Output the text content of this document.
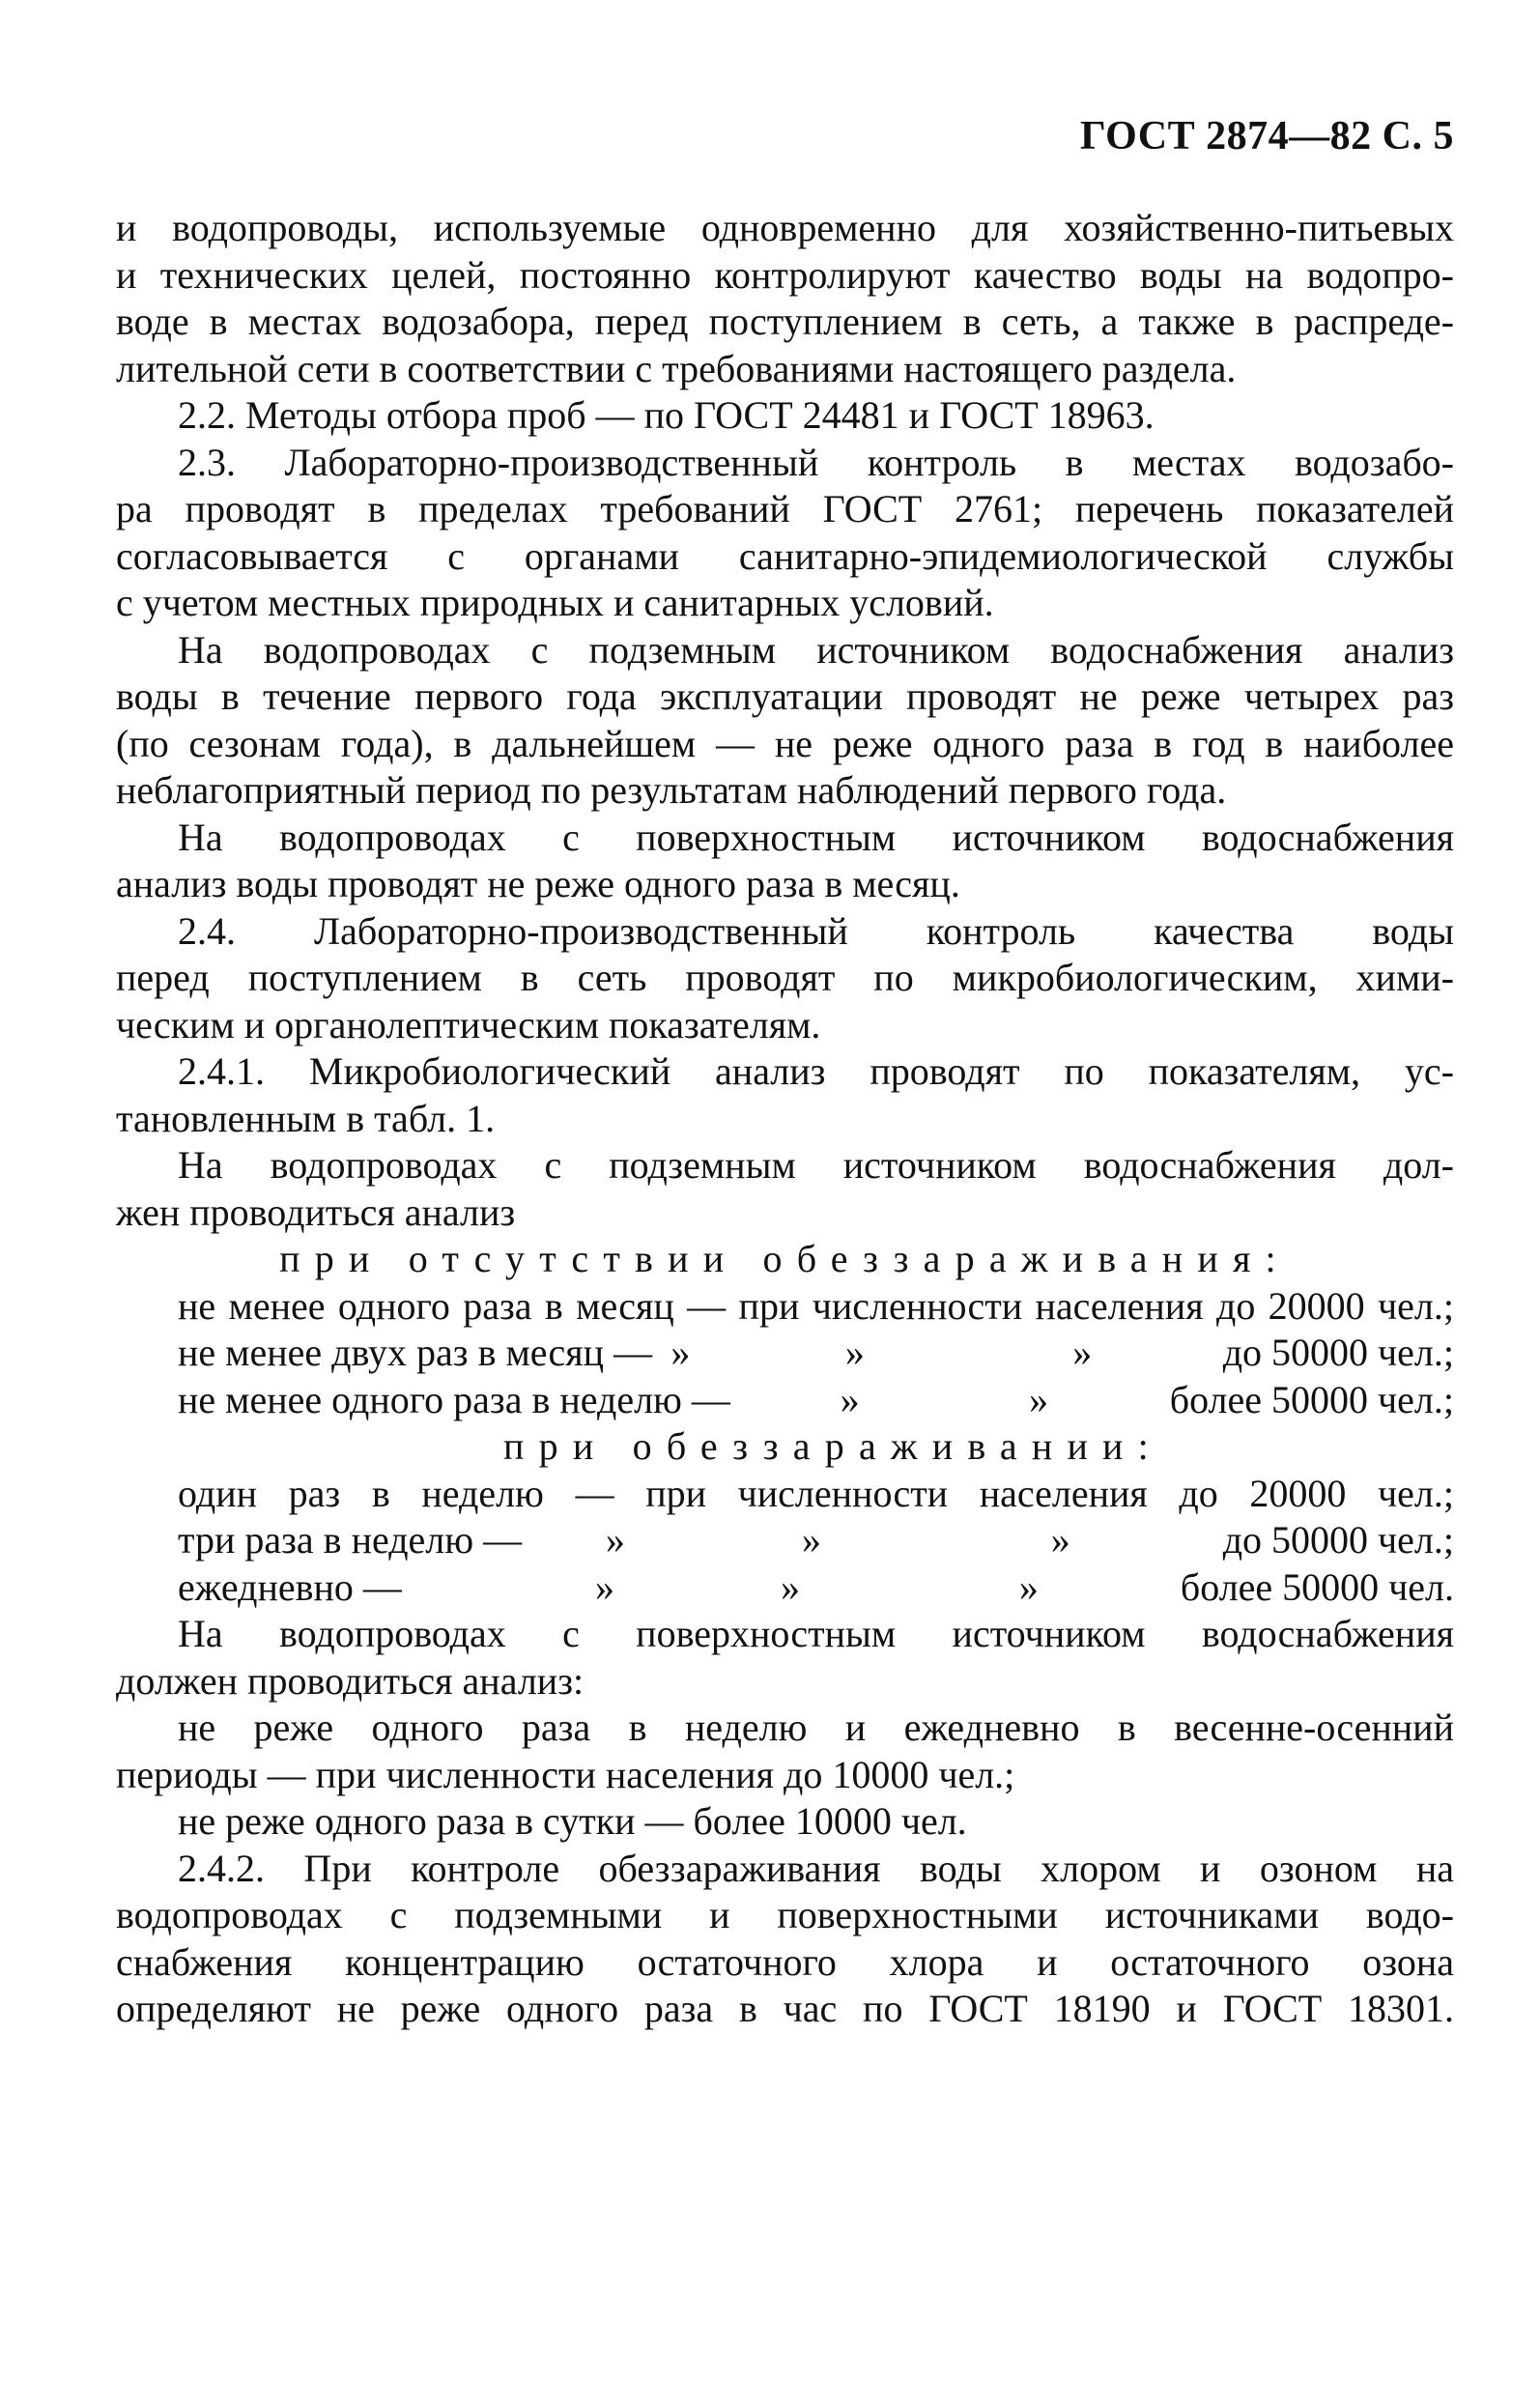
ГОСТ 2874—82 С. 5
и водопроводы, используемые одновременно для хозяйственно-питьевых
и технических целей, постоянно контролируют качество воды на водопро-
воде в местах водозабора, перед поступлением в сеть, а также в распреде-
лительной сети в соответствии с требованиями настоящего раздела.
2.2. Методы отбора проб — по ГОСТ 24481 и ГОСТ 18963.
2.3. Лабораторно-производственный контроль в местах водозабо-
ра проводят в пределах требований ГОСТ 2761; перечень показателей
согласовывается с органами санитарно-эпидемиологической службы
с учетом местных природных и санитарных условий.
На водопроводах с подземным источником водоснабжения анализ
воды в течение первого года эксплуатации проводят не реже четырех раз
(по сезонам года), в дальнейшем — не реже одного раза в год в наиболее
неблагоприятный период по результатам наблюдений первого года.
На водопроводах с поверхностным источником водоснабжения
анализ воды проводят не реже одного раза в месяц.
2.4. Лабораторно-производственный контроль качества воды
перед поступлением в сеть проводят по микробиологическим, хими-
ческим и органолептическим показателям.
2.4.1. Микробиологический анализ проводят по показателям, ус-
тановленным в табл. 1.
На водопроводах с подземным источником водоснабжения дол-
жен проводиться анализ
при отсутствии обеззараживания:
не менее одного раза в месяц — при численности населения до 20000 чел.;
не менее двух раз в месяц — »	»	»	до 50000 чел.;
не менее одного раза в неделю —	»	»	более 50000 чел.;
при обеззараживании:
один раз в неделю — при численности населения до 20000 чел.;
три раза в неделю —	»	»	»	до 50000 чел.;
ежедневно —	»	»	»	более 50000 чел.
На водопроводах с поверхностным источником водоснабжения
должен проводиться анализ:
не реже одного раза в неделю и ежедневно в весенне-осенний
периоды — при численности населения до 10000 чел.;
не реже одного раза в сутки — более 10000 чел.
2.4.2. При контроле обеззараживания воды хлором и озоном на
водопроводах с подземными и поверхностными источниками водо-
снабжения концентрацию остаточного хлора и остаточного озона
определяют не реже одного раза в час по ГОСТ 18190 и ГОСТ 18301.
